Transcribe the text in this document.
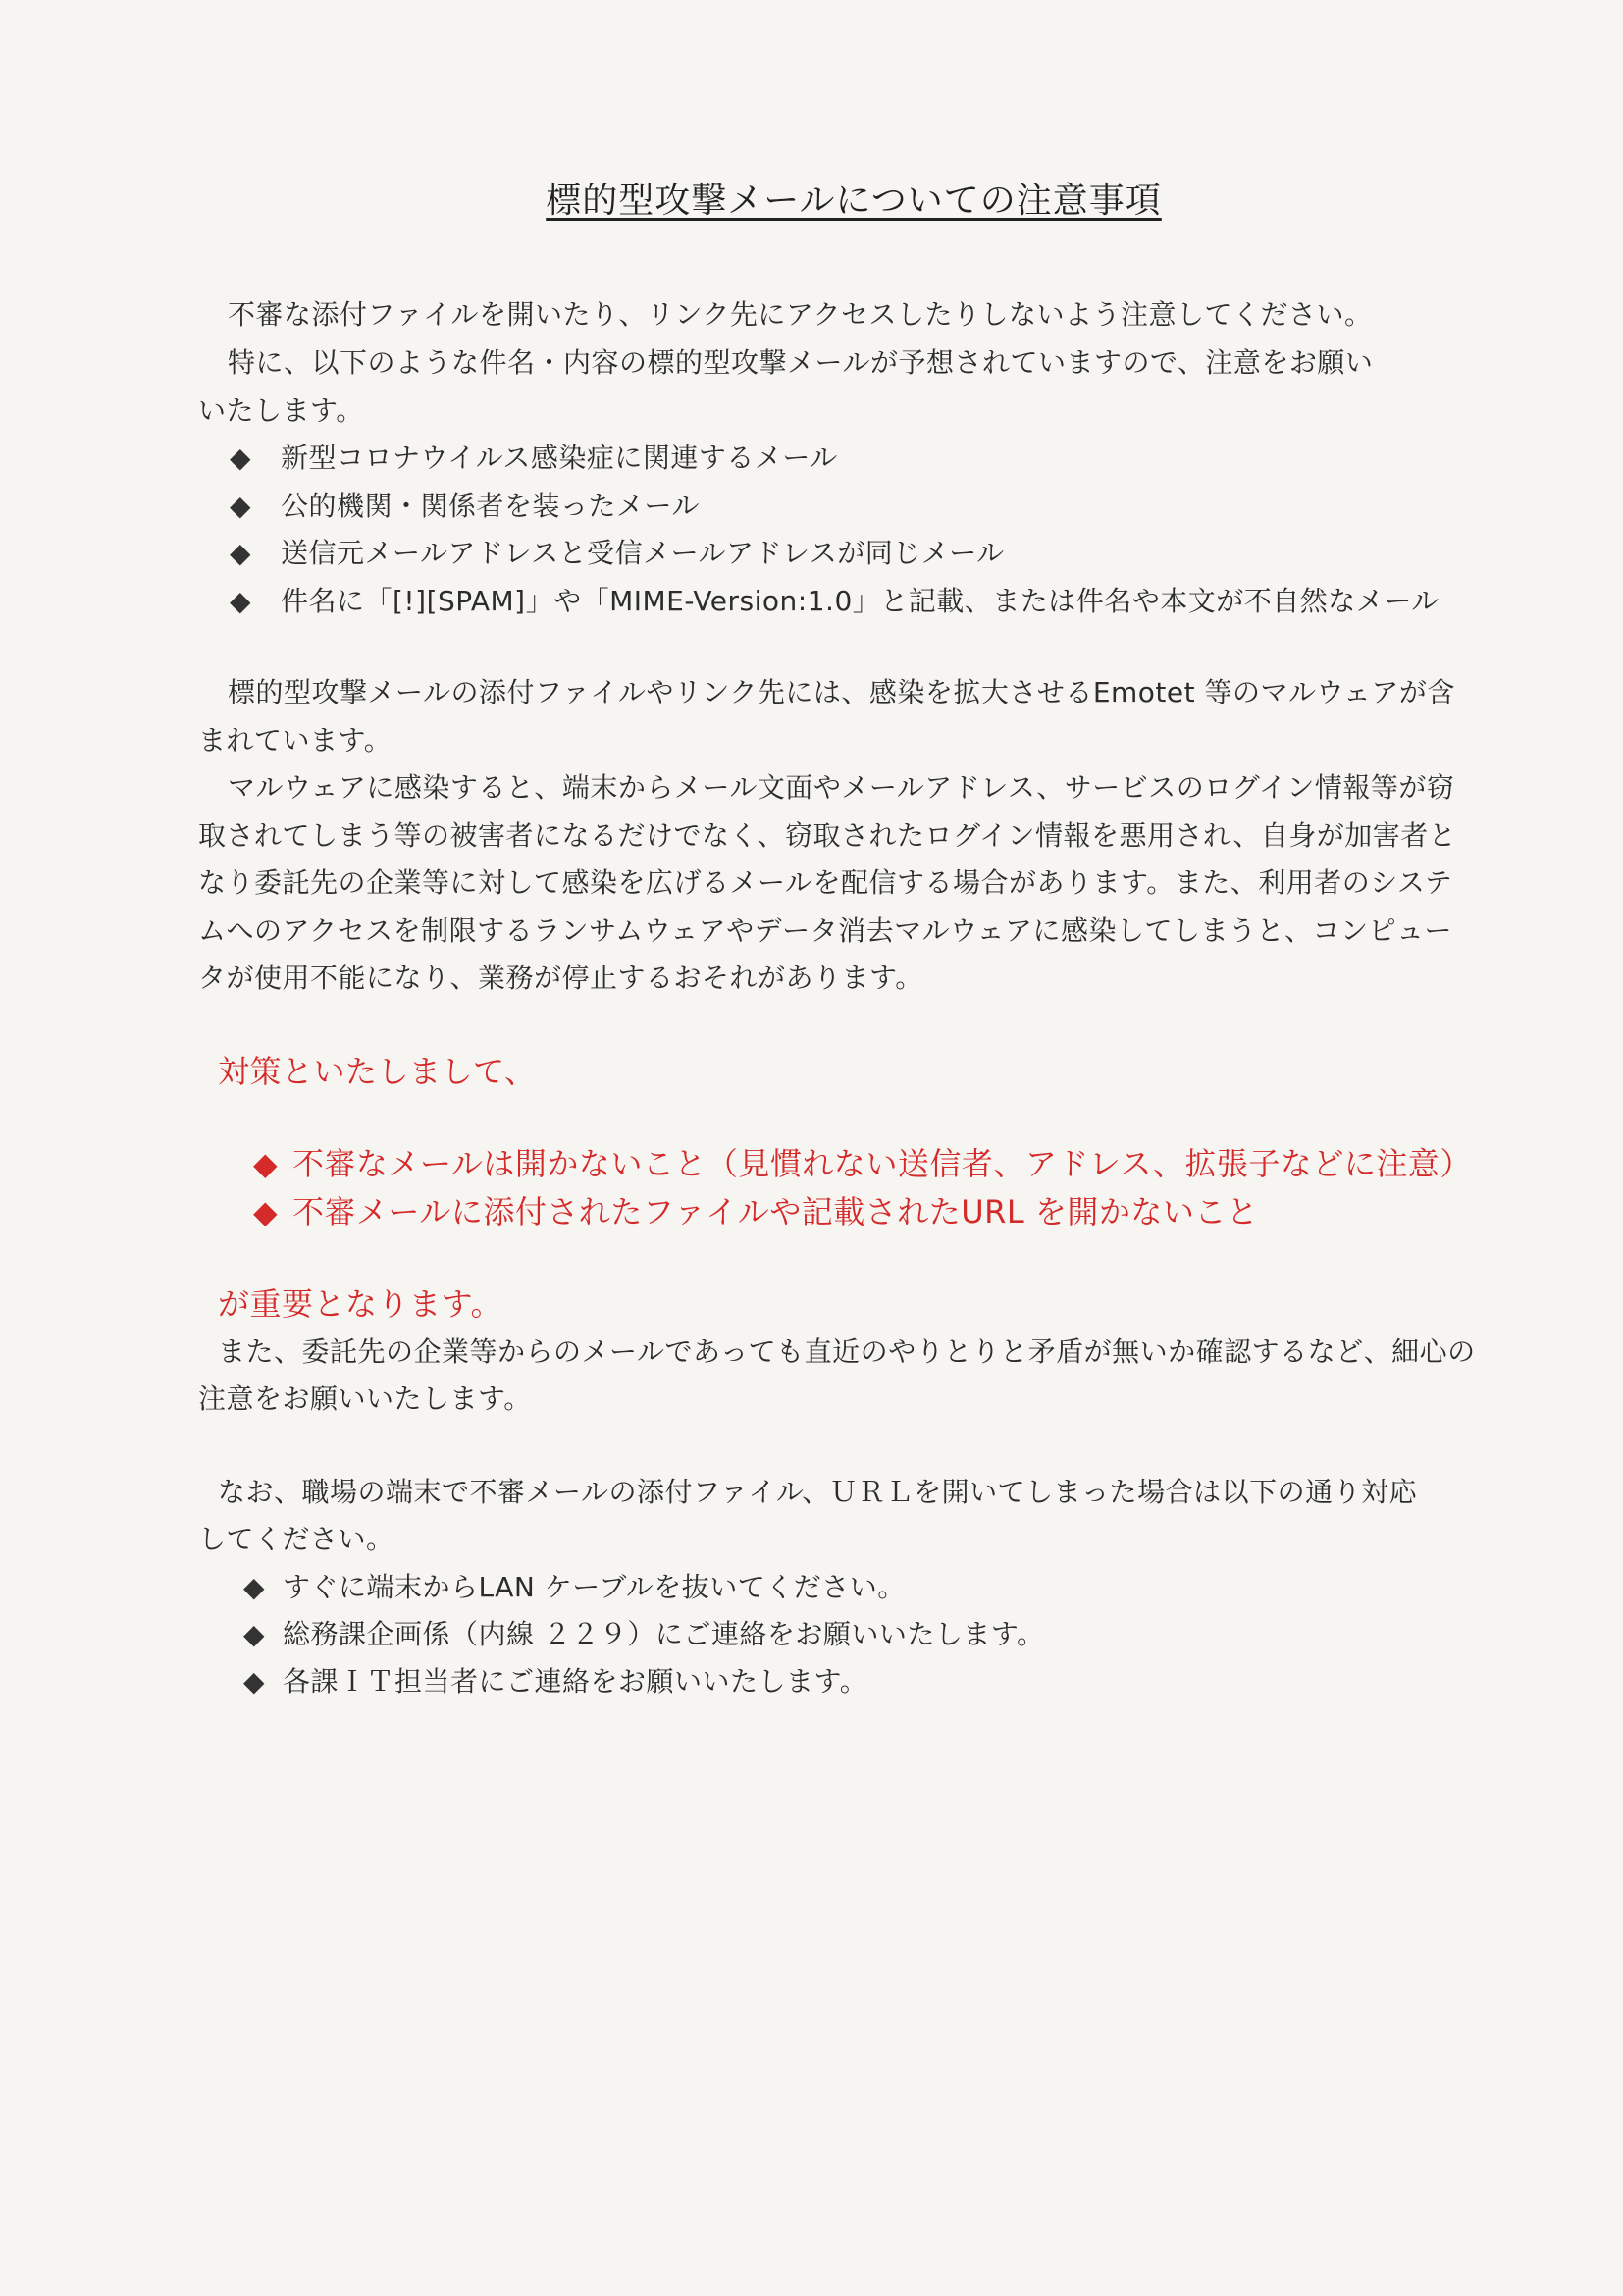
標的型攻撃メールについての注意事項
不審な添付ファイルを開いたり、リンク先にアクセスしたりしないよう注意してください。
特に、以下のような件名・内容の標的型攻撃メールが予想されていますので、注意をお願い
いたします。
◆ 新型コロナウイルス感染症に関連するメール
◆ 公的機関・関係者を装ったメール
◆ 送信元メールアドレスと受信メールアドレスが同じメール
◆ 件名に「[!][SPAM]」や「MIME-Version:1.0」と記載、または件名や本文が不自然なメール
標的型攻撃メールの添付ファイルやリンク先には、感染を拡大させるEmotet 等のマルウェアが含
まれています。
マルウェアに感染すると、端末からメール文面やメールアドレス、サービスのログイン情報等が窃
取されてしまう等の被害者になるだけでなく、窃取されたログイン情報を悪用され、自身が加害者と
なり委託先の企業等に対して感染を広げるメールを配信する場合があります。また、利用者のシステ
ムへのアクセスを制限するランサムウェアやデータ消去マルウェアに感染してしまうと、コンピュー
タが使用不能になり、業務が停止するおそれがあります。
対策といたしまして、
◆ 不審なメールは開かないこと（見慣れない送信者、アドレス、拡張子などに注意）
◆ 不審メールに添付されたファイルや記載されたURL を開かないこと
が重要となります。
また、委託先の企業等からのメールであっても直近のやりとりと矛盾が無いか確認するなど、細心の
注意をお願いいたします。
なお、職場の端末で不審メールの添付ファイル、ＵＲＬを開いてしまった場合は以下の通り対応
してください。
◆ すぐに端末からLAN ケーブルを抜いてください。
◆ 総務課企画係（内線 ２２９）にご連絡をお願いいたします。
◆ 各課ＩＴ担当者にご連絡をお願いいたします。
